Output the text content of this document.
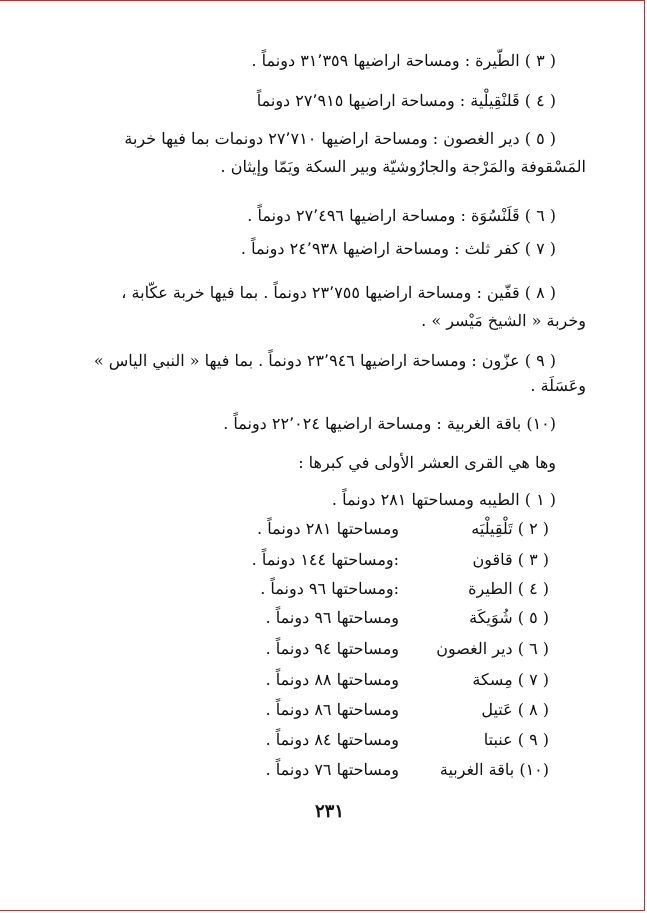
( ٣ ) الطّيرة : ومساحة اراضيها ٣١٬٣٥٩ دونماً .
( ٤ ) قَلنْقِيلْية : ومساحة اراضيها ٢٧٬٩١٥ دونماً
( ٥ ) دير الغصون : ومساحة اراضيها ٢٧٬٧١٠ دونمات بما فيها خربة
المَسْقوفة والمَرْجة والجارُوشيّة وبير السكة ويَمّا وإيثان .
( ٦ ) قَلَنْسُوَة : ومساحة اراضيها ٢٧٬٤٩٦ دونماً .
( ٧ ) كفر ثلث : ومساحة اراضيها ٢٤٬٩٣٨ دونماً .
( ٨ ) قفّين : ومساحة اراضيها ٢٣٬٧٥٥ دونماً . بما فيها خربة عكّابة ،
وخربة « الشيخ مَيْسر » .
( ٩ ) عزّون : ومساحة اراضيها ٢٣٬٩٤٦ دونماً . بما فيها « النبي الياس »
وعَسَلَة .
(١٠) باقة الغربية : ومساحة اراضيها ٢٢٬٠٢٤ دونماً .
وها هي القرى العشر الأولى في كبرها :
( ١ ) الطيبه ومساحتها ٢٨١ دونماً .
( ٢ ) تَلْقِيلْيَه
ومساحتها ٢٨١ دونماً .
( ٣ ) قاقون
:ومساحتها ١٤٤ دونماً .
( ٤ ) الطيرة
:ومساحتها ٩٦ دونماً .
( ٥ ) شُوَيكَة
ومساحتها ٩٦ دونماً .
( ٦ ) دير الغصون
ومساحتها ٩٤ دونماً .
( ٧ ) مِسكة
ومساحتها ٨٨ دونماً .
( ٨ ) عَتيل
ومساحتها ٨٦ دونماً .
( ٩ ) عنبتا
ومساحتها ٨٤ دونماً .
(١٠) باقة الغربية
ومساحتها ٧٦ دونماً .
٢٣١
